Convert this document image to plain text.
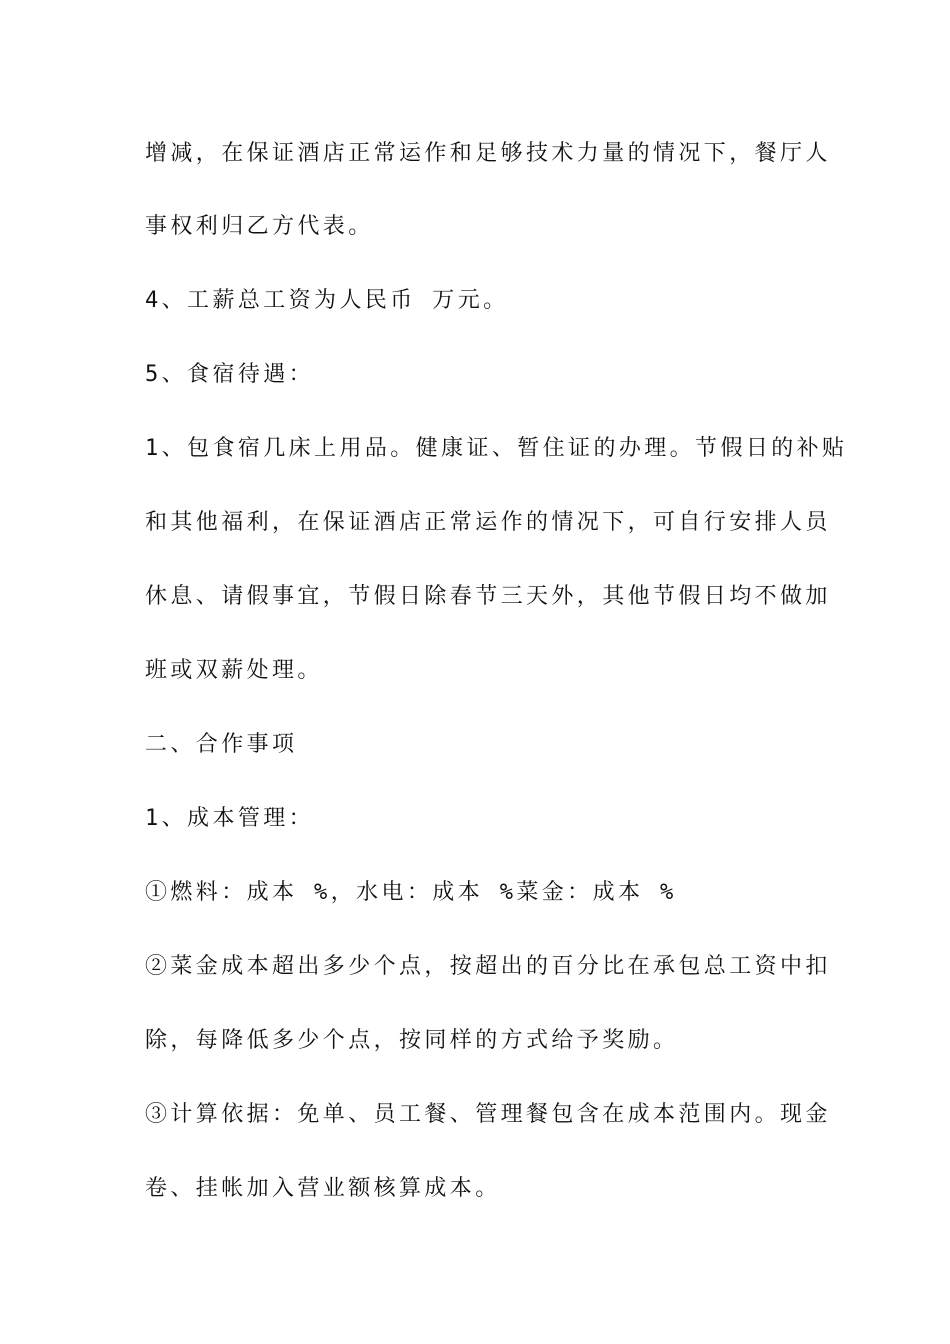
增减，在保证酒店正常运作和足够技术力量的情况下，餐厅人
事权利归乙方代表。
4、工薪总工资为人民币 万元。
5、食宿待遇：
1、包食宿几床上用品。健康证、暂住证的办理。节假日的补贴
和其他福利，在保证酒店正常运作的情况下，可自行安排人员
休息、请假事宜，节假日除春节三天外，其他节假日均不做加
班或双薪处理。
二、合作事项
1、成本管理：
①燃料：成本 %，水电：成本 %菜金：成本 %
②菜金成本超出多少个点，按超出的百分比在承包总工资中扣
除，每降低多少个点，按同样的方式给予奖励。
③计算依据：免单、员工餐、管理餐包含在成本范围内。现金
卷、挂帐加入营业额核算成本。
